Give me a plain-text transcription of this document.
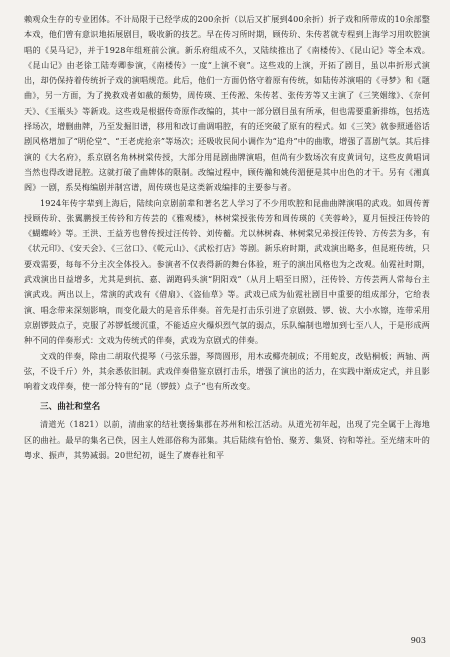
赖观众生存的专业团体。不计局限于已经学成的200余折（以后又扩展到400余折）折子戏和所带成的10余部整本戏，他们曾有意识地拓展剧目，吸收新的技艺。早在传习所时期，顾传玠、朱传茗就专程到上海学习用吹腔演唱的《昊马记》，并于1928年组班前公演。新乐府组成不久，又陆续推出了《南楼传》、《昆山记》等全本戏。《昆山记》由老徐工陆寿卿参演，《南楼传》一度“上演不衰”。这些戏的上演，开拓了剧目，虽以串折形式演出，却仍保持着传统折子戏的演唱规范。此后，他们一方面仍恪守着原有传统，如陆传苏演唱的《寻梦》和《题曲》，另一方面，为了挽救戏者如截的颓势，周传瑛、王传淞、朱传茗、张传芳等又主演了《三笑姻缘》、《奈何天》、《玉瓶头》等新戏。这些戏是根据传奇原作改编的，其中一部分剧目虽有所承，但也需要重新排练，包括选择场次，增删曲牌，乃至发掘旧谱，移用和改订曲调唱腔，有的还突破了原有的程式。如《三笑》就参照通俗话剧风格增加了“明伦堂”、“王老虎抢亲”等场次；还吸收民间小调作为“追舟”中的曲歌，增强了喜剧气氛。其后排演的《大名府》，系京剧名角林树棠传授，大部分用昆剧曲牌演唱，但尚有少数场次有皮黄词句，这些皮黄唱词当然也得改谱昆腔。这就打破了曲牌体的限制。改编过程中，顾传瀚和姚传湄便是其中出色的才干。另有《湘真阁》一剧，系吴梅编剧并制宫谱，周传瑛也是这类新戏编排的主要参与者。

1924年传字辈到上海后，陆续向京剧前辈和著名艺人学习了不少用吹腔和昆曲曲牌演唱的武戏。如周传菁授顾传玠、张翼鹏授王传钤和方传芸的《雅观楼》，林树棠授张传芳和周传瑛的《芙蓉岭》，夏月恒授汪传铃的《蝴蝶岭》等。王洪、王益芳也曾传授过汪传铃、刘传蘅。尤以林树森、林树棠兄弟授汪传铃、方传芸为多，有《状元印》、《安天会》、《三岔口》、《乾元山》、《武松打店》等剧。新乐府时期，武戏演出略多，但昆班传统，只要戏需要，每每不分主次全体投入。参演者不仅表得新的舞台体验，班子的演出风格也为之改观。仙霓社时期，武戏演出日益增多，尤其是到抗、嘉、湖跑码头演“阴阳戏”（从月上唱至日照），汪传铃、方传芸两人常每台主演武戏。两出以上，常演的武戏有《借扇》、《盗仙草》等。武戏已成为仙霓社剧目中重要的组成部分，它给表演、唱念带来深刻影响，而变化最大的是音乐伴奏。首先是打击乐引进了京剧鼓、锣、钹、大小水镲，连带采用京剧锣鼓点子，克服了苏锣低缓沉重，不能适应火爆炽烈气氛的弱点，乐队编制也增加到七至八人，于是形成两种不同的伴奏形式：文戏为传统式的伴奏，武戏为京剧式的伴奏。

文戏的伴奏，除由二胡取代提琴（弓弦乐器，琴筒圆形，用木或椰壳制成；不用蛇皮，改贴桐板；两轴、两弦，不设千斤）外，其余悉依旧制。武戏伴奏借鉴京剧打击乐，增强了演出的活力，在实践中渐成定式，并且影响着文戏伴奏，使一部分特有的“昆（锣鼓）点子”也有所改变。

三、曲社和堂名

清道光（1821）以前，清曲家的结社褒扬集郡在苏州和松江活动。从道光初年起，出现了完全属于上海地区的曲社。最早的集名已佚，因主人姓邵俗称为邵集。其后陆续有恰怡、聚芳、集贤、钧和等社。至光绪末叶的粤求、振声，其势减弱。20世纪初，诞生了赓春社和平

903
